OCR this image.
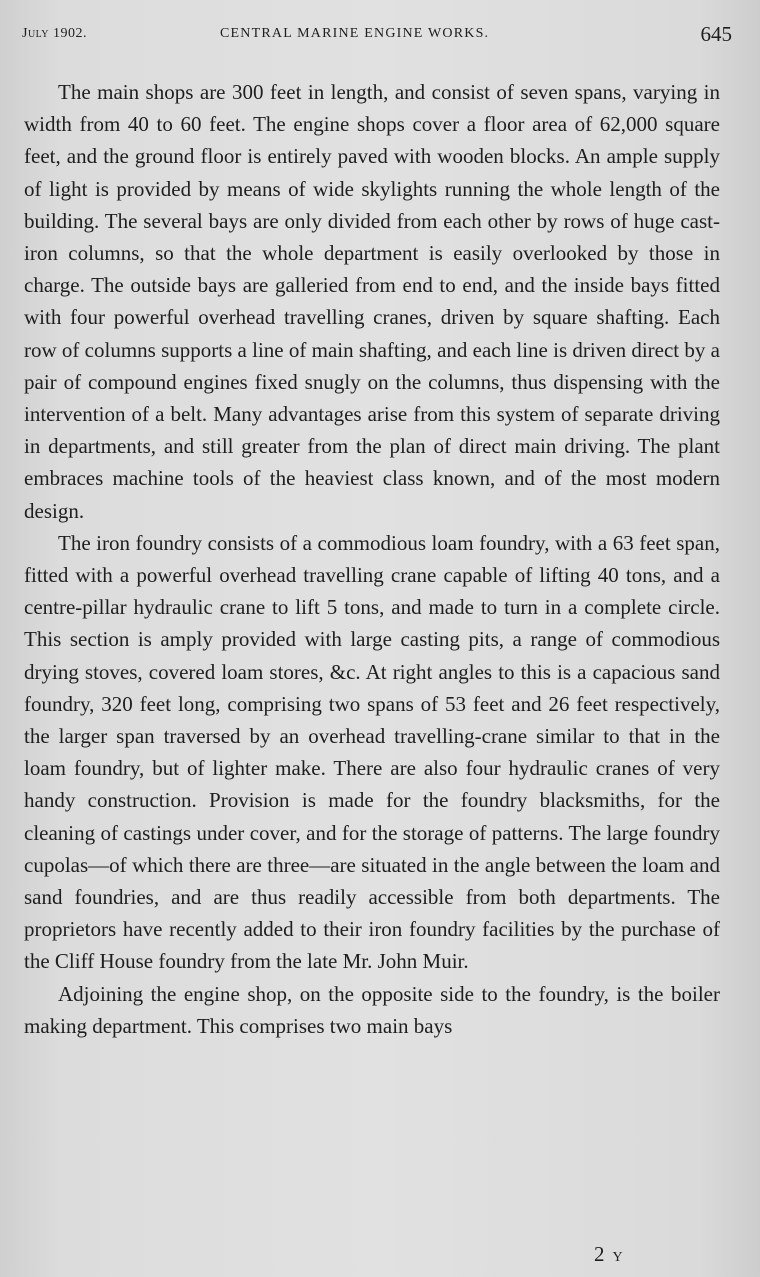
July 1902.	CENTRAL MARINE ENGINE WORKS.	645

The main shops are 300 feet in length, and consist of seven spans, varying in width from 40 to 60 feet. The engine shops cover a floor area of 62,000 square feet, and the ground floor is entirely paved with wooden blocks. An ample supply of light is provided by means of wide skylights running the whole length of the building. The several bays are only divided from each other by rows of huge cast-iron columns, so that the whole department is easily overlooked by those in charge. The outside bays are galleried from end to end, and the inside bays fitted with four powerful overhead travelling cranes, driven by square shafting. Each row of columns supports a line of main shafting, and each line is driven direct by a pair of compound engines fixed snugly on the columns, thus dispensing with the intervention of a belt. Many advantages arise from this system of separate driving in departments, and still greater from the plan of direct main driving. The plant embraces machine tools of the heaviest class known, and of the most modern design.

The iron foundry consists of a commodious loam foundry, with a 63 feet span, fitted with a powerful overhead travelling crane capable of lifting 40 tons, and a centre-pillar hydraulic crane to lift 5 tons, and made to turn in a complete circle. This section is amply provided with large casting pits, a range of commodious drying stoves, covered loam stores, &c. At right angles to this is a capacious sand foundry, 320 feet long, comprising two spans of 53 feet and 26 feet respectively, the larger span traversed by an overhead travelling-crane similar to that in the loam foundry, but of lighter make. There are also four hydraulic cranes of very handy construction. Provision is made for the foundry blacksmiths, for the cleaning of castings under cover, and for the storage of patterns. The large foundry cupolas—of which there are three—are situated in the angle between the loam and sand foundries, and are thus readily accessible from both departments. The proprietors have recently added to their iron foundry facilities by the purchase of the Cliff House foundry from the late Mr. John Muir.

Adjoining the engine shop, on the opposite side to the foundry, is the boiler making department. This comprises two main bays

2 Y
